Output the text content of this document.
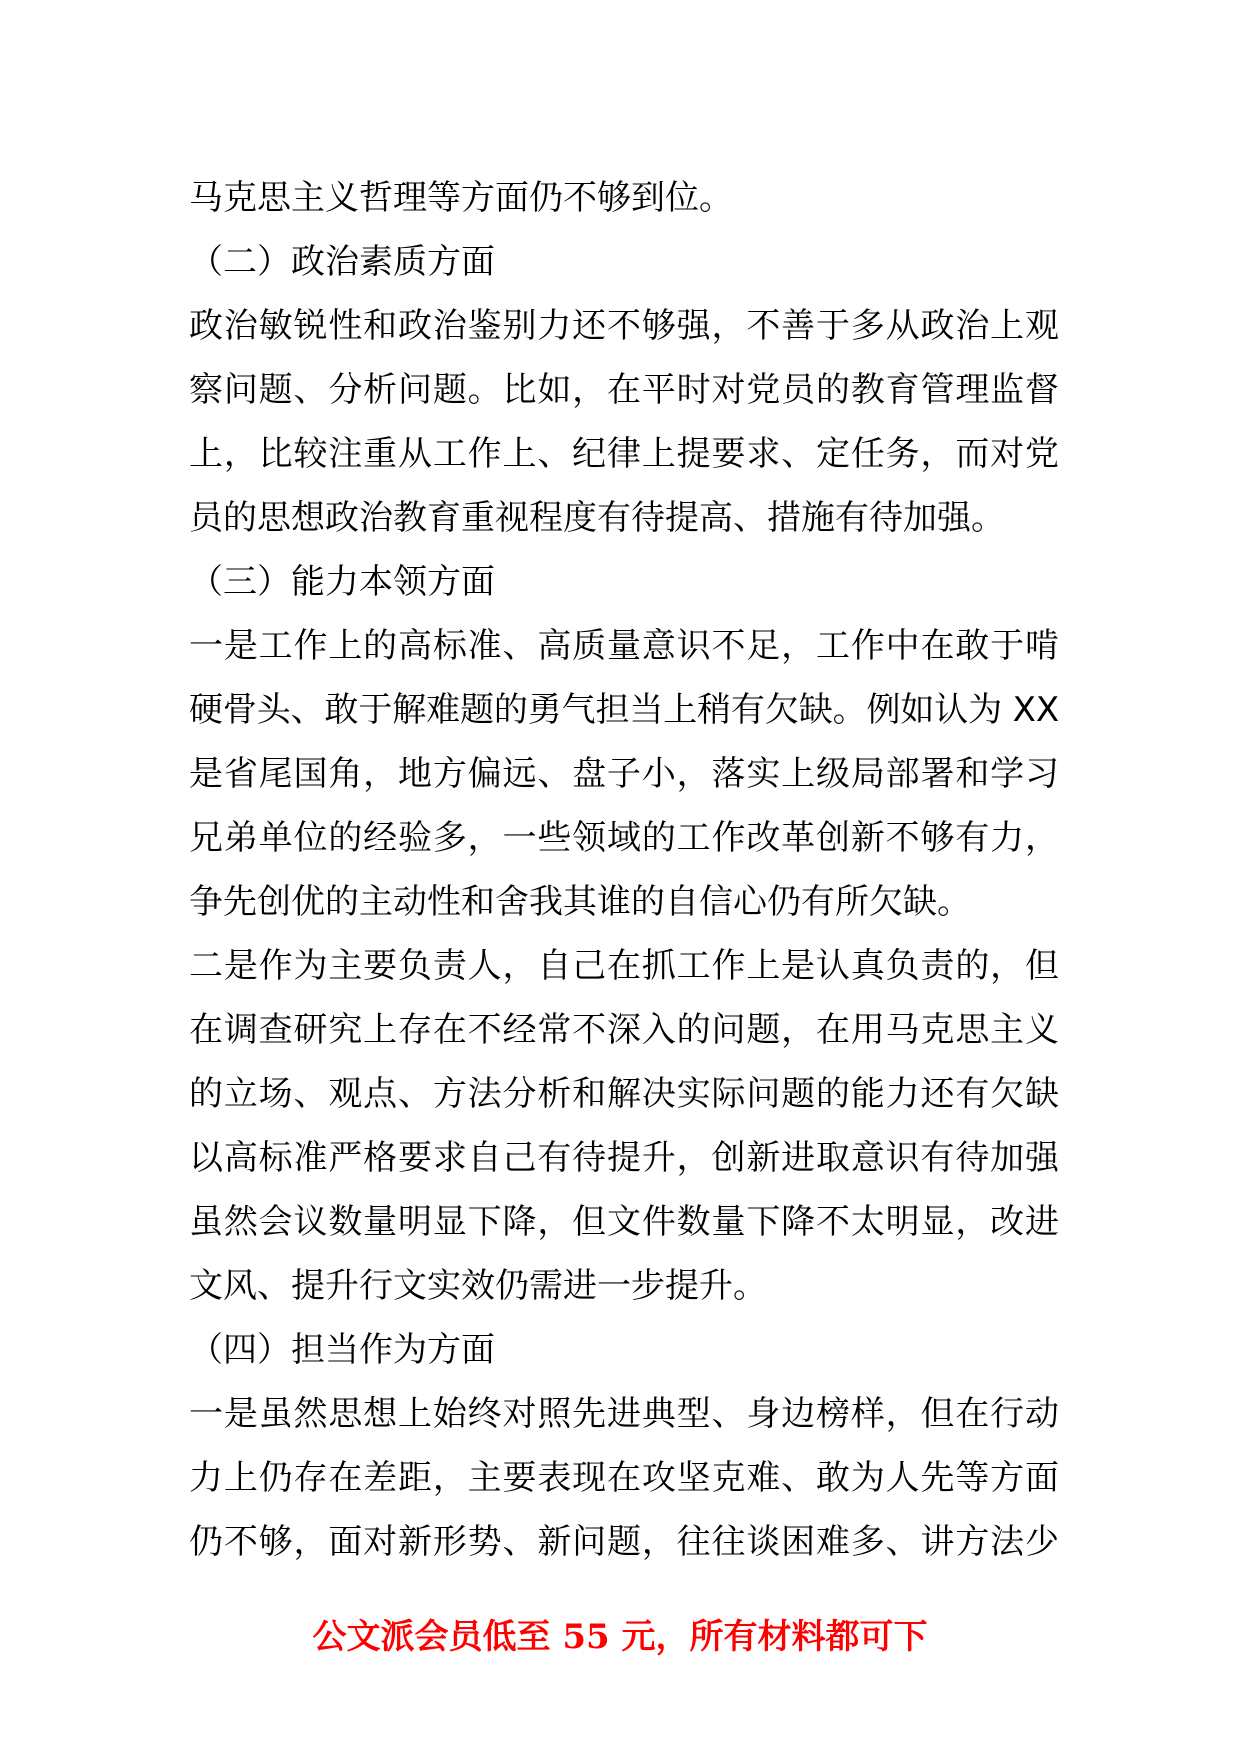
马克思主义哲理等方面仍不够到位。
（二）政治素质方面
政治敏锐性和政治鉴别力还不够强，不善于多从政治上观
察问题、分析问题。比如，在平时对党员的教育管理监督
上，比较注重从工作上、纪律上提要求、定任务，而对党
员的思想政治教育重视程度有待提高、措施有待加强。
（三）能力本领方面
一是工作上的高标准、高质量意识不足，工作中在敢于啃
硬骨头、敢于解难题的勇气担当上稍有欠缺。例如认为 XX
是省尾国角，地方偏远、盘子小，落实上级局部署和学习
兄弟单位的经验多，一些领域的工作改革创新不够有力，
争先创优的主动性和舍我其谁的自信心仍有所欠缺。
二是作为主要负责人，自己在抓工作上是认真负责的，但
在调查研究上存在不经常不深入的问题，在用马克思主义
的立场、观点、方法分析和解决实际问题的能力还有欠缺
以高标准严格要求自己有待提升，创新进取意识有待加强
虽然会议数量明显下降，但文件数量下降不太明显，改进
文风、提升行文实效仍需进一步提升。
（四）担当作为方面
一是虽然思想上始终对照先进典型、身边榜样，但在行动
力上仍存在差距，主要表现在攻坚克难、敢为人先等方面
仍不够，面对新形势、新问题，往往谈困难多、讲方法少
公文派会员低至 55 元，所有材料都可下
